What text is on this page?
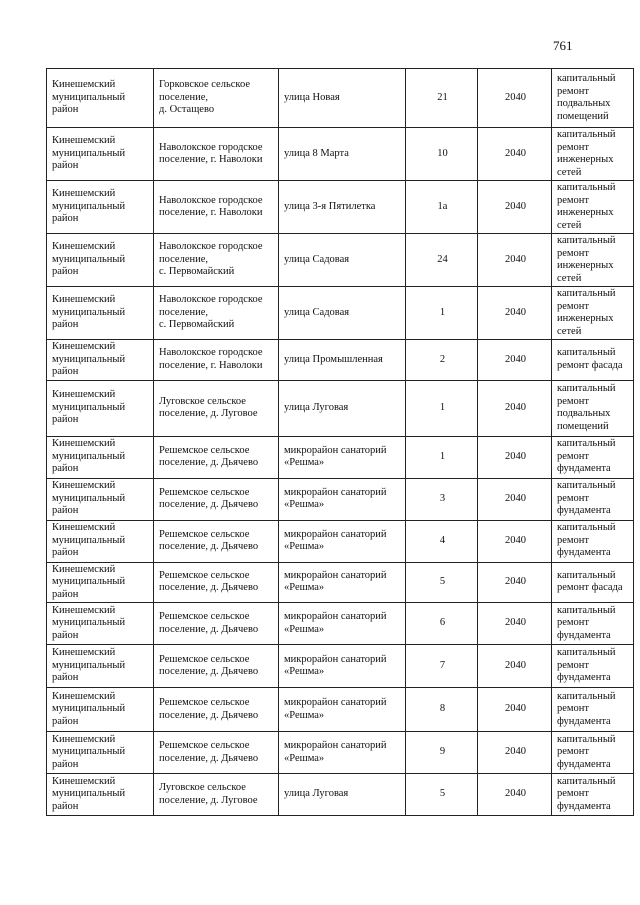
761
Кинешемский
муниципальный
район	Горковское сельское
поселение,
д. Остащево	улица Новая	21	2040	капитальный
ремонт
подвальных
помещений

Кинешемский
муниципальный
район	Наволокское городское
поселение, г. Наволоки	улица 8 Марта	10	2040	капитальный
ремонт
инженерных
сетей

Кинешемский
муниципальный
район	Наволокское городское
поселение, г. Наволоки	улица 3-я Пятилетка	1а	2040	капитальный
ремонт
инженерных
сетей

Кинешемский
муниципальный
район	Наволокское городское
поселение,
с. Первомайский	улица Садовая	24	2040	капитальный
ремонт
инженерных
сетей

Кинешемский
муниципальный
район	Наволокское городское
поселение,
с. Первомайский	улица Садовая	1	2040	капитальный
ремонт
инженерных
сетей

Кинешемский
муниципальный
район	Наволокское городское
поселение, г. Наволоки	улица Промышленная	2	2040	капитальный
ремонт фасада

Кинешемский
муниципальный
район	Луговское сельское
поселение, д. Луговое	улица Луговая	1	2040	капитальный
ремонт
подвальных
помещений

Кинешемский
муниципальный
район	Решемское сельское
поселение, д. Дьячево	микрорайон санаторий
«Решма»	1	2040	капитальный
ремонт
фундамента

Кинешемский
муниципальный
район	Решемское сельское
поселение, д. Дьячево	микрорайон санаторий
«Решма»	3	2040	капитальный
ремонт
фундамента

Кинешемский
муниципальный
район	Решемское сельское
поселение, д. Дьячево	микрорайон санаторий
«Решма»	4	2040	капитальный
ремонт
фундамента

Кинешемский
муниципальный
район	Решемское сельское
поселение, д. Дьячево	микрорайон санаторий
«Решма»	5	2040	капитальный
ремонт фасада

Кинешемский
муниципальный
район	Решемское сельское
поселение, д. Дьячево	микрорайон санаторий
«Решма»	6	2040	капитальный
ремонт
фундамента

Кинешемский
муниципальный
район	Решемское сельское
поселение, д. Дьячево	микрорайон санаторий
«Решма»	7	2040	капитальный
ремонт
фундамента

Кинешемский
муниципальный
район	Решемское сельское
поселение, д. Дьячево	микрорайон санаторий
«Решма»	8	2040	капитальный
ремонт
фундамента

Кинешемский
муниципальный
район	Решемское сельское
поселение, д. Дьячево	микрорайон санаторий
«Решма»	9	2040	капитальный
ремонт
фундамента

Кинешемский
муниципальный
район	Луговское сельское
поселение, д. Луговое	улица Луговая	5	2040	капитальный
ремонт
фундамента
